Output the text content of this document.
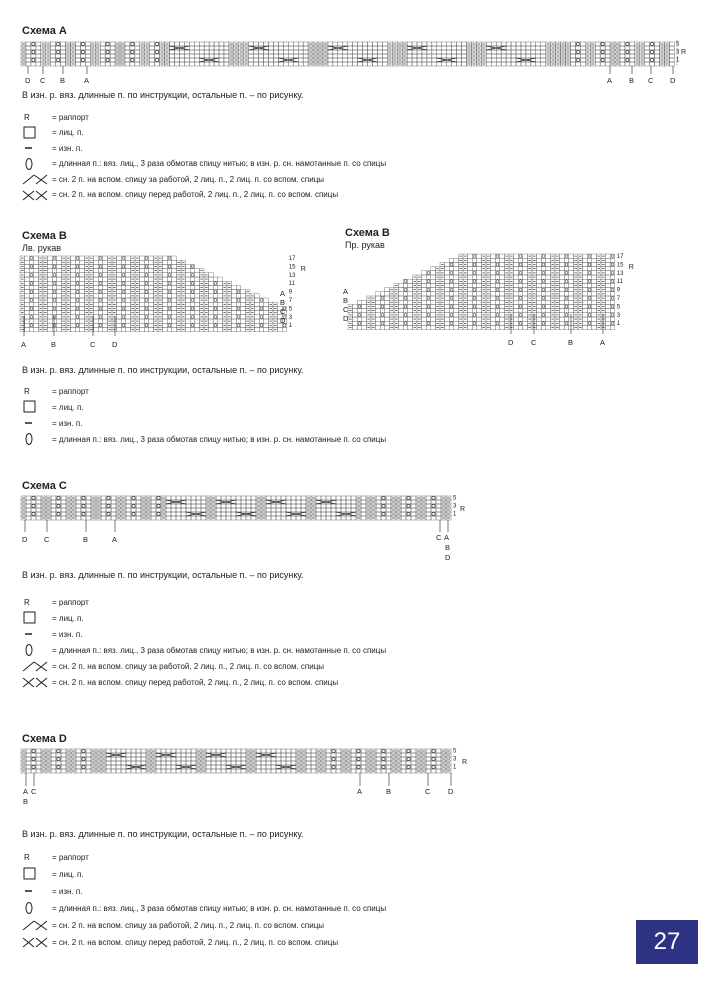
Схема А
5
3
1
R
D C B	A	A B C D
В изн. р. вяз. длинные п. по инструкции, остальные п. – по рисунку.
R	= раппорт
= лиц. п.
= изн. п.
= длинная п.: вяз. лиц., 3 раза обмотав спицу нитью; в изн. р. сн. намотанные п. со спицы
= сн. 2 п. на вспом. спицу за работой, 2 лиц. п., 2 лиц. п. со вспом. спицы
= сн. 2 п. на вспом. спицу перед работой, 2 лиц. п., 2 лиц. п. со вспом. спицы
Схема В
Лв. рукав
17
15
13
11
9
7
5
3
1
R
A
B
C
D
A	B	C D
Схема В
Пр. рукав
17
15
13
11
9
7
5
3
1
R
A
B
C
D
D C	B	A
В изн. р. вяз. длинные п. по инструкции, остальные п. – по рисунку.
R	= раппорт
= лиц. п.
= изн. п.
= длинная п.: вяз. лиц., 3 раза обмотав спицу нитью; в изн. р. сн. намотанные п. со спицы
Схема С
5
3
1
R
D C	B	A	C A
B
D
В изн. р. вяз. длинные п. по инструкции, остальные п. – по рисунку.
R	= раппорт
= лиц. п.
= изн. п.
= длинная п.: вяз. лиц., 3 раза обмотав спицу нитью; в изн. р. сн. намотанные п. со спицы
= сн. 2 п. на вспом. спицу за работой, 2 лиц. п., 2 лиц. п. со вспом. спицы
= сн. 2 п. на вспом. спицу перед работой, 2 лиц. п., 2 лиц. п. со вспом. спицы
Схема D
5
3
1
R
A C
B
A	B	C D
В изн. р. вяз. длинные п. по инструкции, остальные п. – по рисунку.
R	= раппорт
= лиц. п.
= изн. п.
= длинная п.: вяз. лиц., 3 раза обмотав спицу нитью; в изн. р. сн. намотанные п. со спицы
= сн. 2 п. на вспом. спицу за работой, 2 лиц. п., 2 лиц. п. со вспом. спицы
= сн. 2 п. на вспом. спицу перед работой, 2 лиц. п., 2 лиц. п. со вспом. спицы	27
